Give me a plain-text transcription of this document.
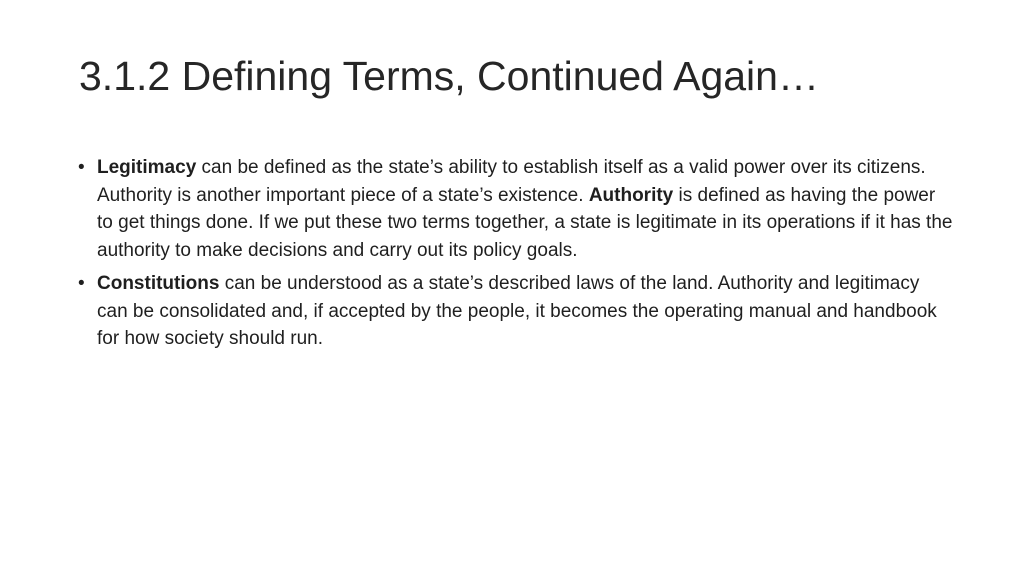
3.1.2 Defining Terms, Continued Again…
• Legitimacy can be defined as the state’s ability to establish itself as a valid power over its citizens. Authority is another important piece of a state’s existence. Authority is defined as having the power to get things done. If we put these two terms together, a state is legitimate in its operations if it has the authority to make decisions and carry out its policy goals.
• Constitutions can be understood as a state’s described laws of the land. Authority and legitimacy can be consolidated and, if accepted by the people, it becomes the operating manual and handbook for how society should run.
